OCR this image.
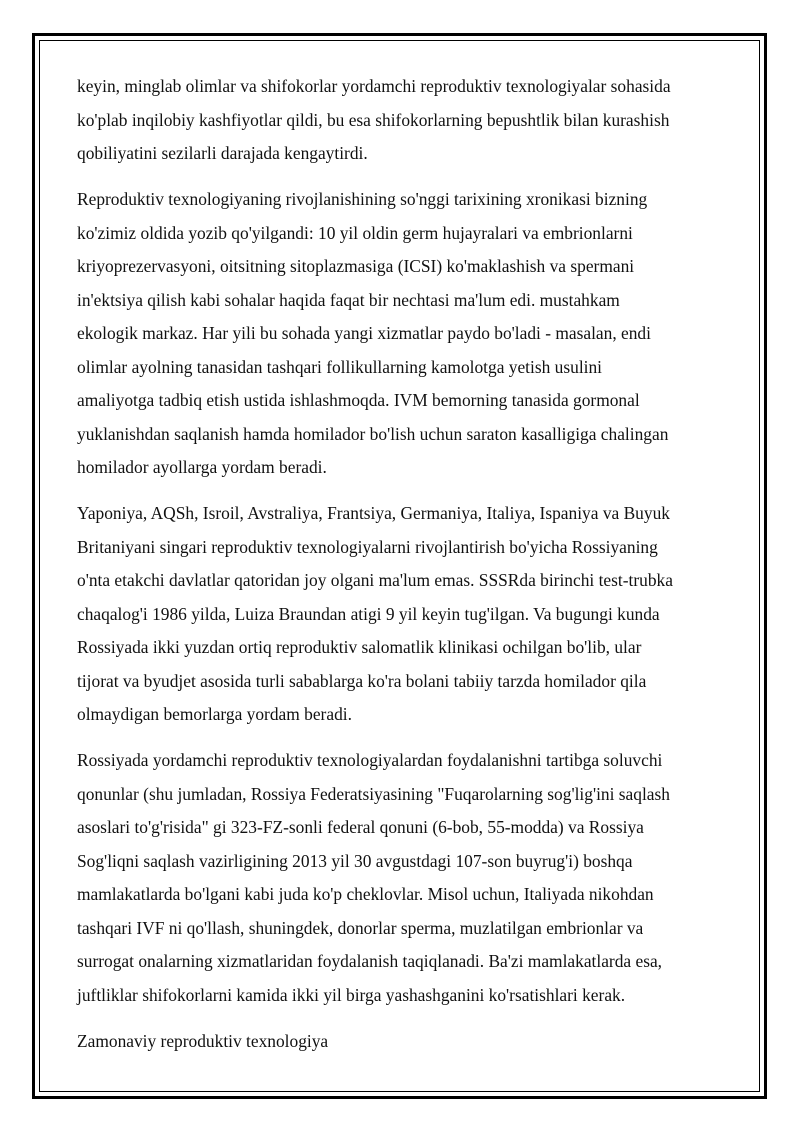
keyin, minglab olimlar va shifokorlar yordamchi reproduktiv texnologiyalar sohasida
ko'plab inqilobiy kashfiyotlar qildi, bu esa shifokorlarning bepushtlik bilan kurashish
qobiliyatini sezilarli darajada kengaytirdi.

Reproduktiv texnologiyaning rivojlanishining so'nggi tarixining xronikasi bizning
ko'zimiz oldida yozib qo'yilgandi: 10 yil oldin germ hujayralari va embrionlarni
kriyoprezervasyoni, oitsitning sitoplazmasiga (ICSI) ko'maklashish va spermani
in'ektsiya qilish kabi sohalar haqida faqat bir nechtasi ma'lum edi. mustahkam
ekologik markaz. Har yili bu sohada yangi xizmatlar paydo bo'ladi - masalan, endi
olimlar ayolning tanasidan tashqari follikullarning kamolotga yetish usulini
amaliyotga tadbiq etish ustida ishlashmoqda. IVM bemorning tanasida gormonal
yuklanishdan saqlanish hamda homilador bo'lish uchun saraton kasalligiga chalingan
homilador ayollarga yordam beradi.

Yaponiya, AQSh, Isroil, Avstraliya, Frantsiya, Germaniya, Italiya, Ispaniya va Buyuk
Britaniyani singari reproduktiv texnologiyalarni rivojlantirish bo'yicha Rossiyaning
o'nta etakchi davlatlar qatoridan joy olgani ma'lum emas. SSSRda birinchi test-trubka
chaqalog'i 1986 yilda, Luiza Braundan atigi 9 yil keyin tug'ilgan. Va bugungi kunda
Rossiyada ikki yuzdan ortiq reproduktiv salomatlik klinikasi ochilgan bo'lib, ular
tijorat va byudjet asosida turli sabablarga ko'ra bolani tabiiy tarzda homilador qila
olmaydigan bemorlarga yordam beradi.

Rossiyada yordamchi reproduktiv texnologiyalardan foydalanishni tartibga soluvchi
qonunlar (shu jumladan, Rossiya Federatsiyasining "Fuqarolarning sog'lig'ini saqlash
asoslari to'g'risida" gi 323-FZ-sonli federal qonuni (6-bob, 55-modda) va Rossiya
Sog'liqni saqlash vazirligining 2013 yil 30 avgustdagi 107-son buyrug'i) boshqa
mamlakatlarda bo'lgani kabi juda ko'p cheklovlar. Misol uchun, Italiyada nikohdan
tashqari IVF ni qo'llash, shuningdek, donorlar sperma, muzlatilgan embrionlar va
surrogat onalarning xizmatlaridan foydalanish taqiqlanadi. Ba'zi mamlakatlarda esa,
juftliklar shifokorlarni kamida ikki yil birga yashashganini ko'rsatishlari kerak.

Zamonaviy reproduktiv texnologiya
